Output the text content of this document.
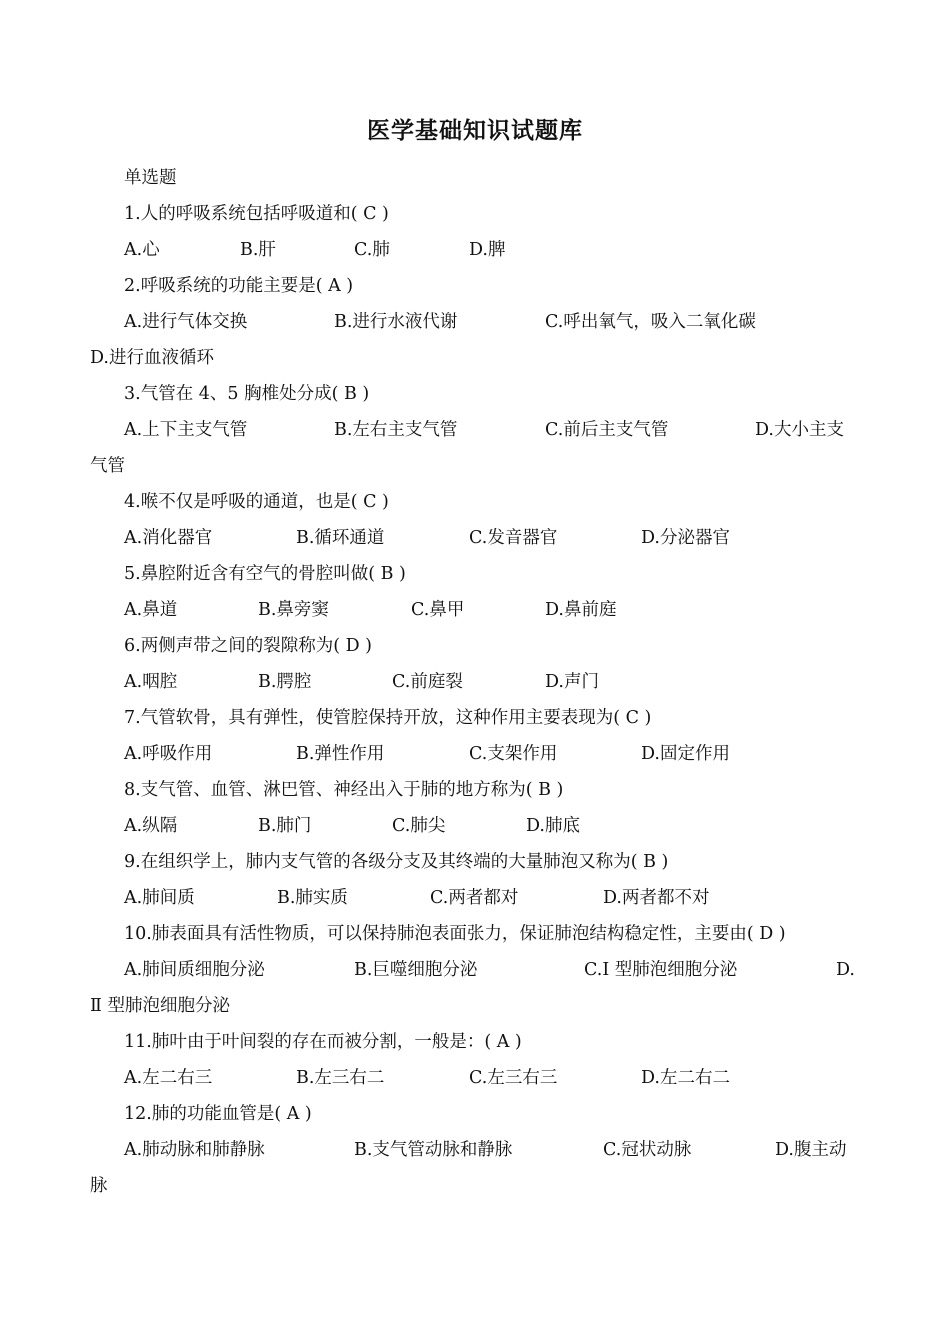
医学基础知识试题库
单选题
1.人的呼吸系统包括呼吸道和( C )
A.心	B.肝	C.肺	D.脾
2.呼吸系统的功能主要是( A )
A.进行气体交换	B.进行水液代谢	C.呼出氧气，吸入二氧化碳
D.进行血液循环
3.气管在 4、5 胸椎处分成( B )
A.上下主支气管	B.左右主支气管	C.前后主支气管	D.大小主支
气管
4.喉不仅是呼吸的通道，也是( C )
A.消化器官	B.循环通道	C.发音器官	D.分泌器官
5.鼻腔附近含有空气的骨腔叫做( B )
A.鼻道	B.鼻旁窦	C.鼻甲	D.鼻前庭
6.两侧声带之间的裂隙称为( D )
A.咽腔	B.腭腔	C.前庭裂	D.声门
7.气管软骨，具有弹性，使管腔保持开放，这种作用主要表现为( C )
A.呼吸作用	B.弹性作用	C.支架作用	D.固定作用
8.支气管、血管、淋巴管、神经出入于肺的地方称为( B )
A.纵隔	B.肺门	C.肺尖	D.肺底
9.在组织学上，肺内支气管的各级分支及其终端的大量肺泡又称为( B )
A.肺间质	B.肺实质	C.两者都对	D.两者都不对
10.肺表面具有活性物质，可以保持肺泡表面张力，保证肺泡结构稳定性，主要由( D )
A.肺间质细胞分泌	B.巨噬细胞分泌	C.Ⅰ 型肺泡细胞分泌	D.
Ⅱ 型肺泡细胞分泌
11.肺叶由于叶间裂的存在而被分割，一般是：( A )
A.左二右三	B.左三右二	C.左三右三	D.左二右二
12.肺的功能血管是( A )
A.肺动脉和肺静脉	B.支气管动脉和静脉	C.冠状动脉	D.腹主动
脉
